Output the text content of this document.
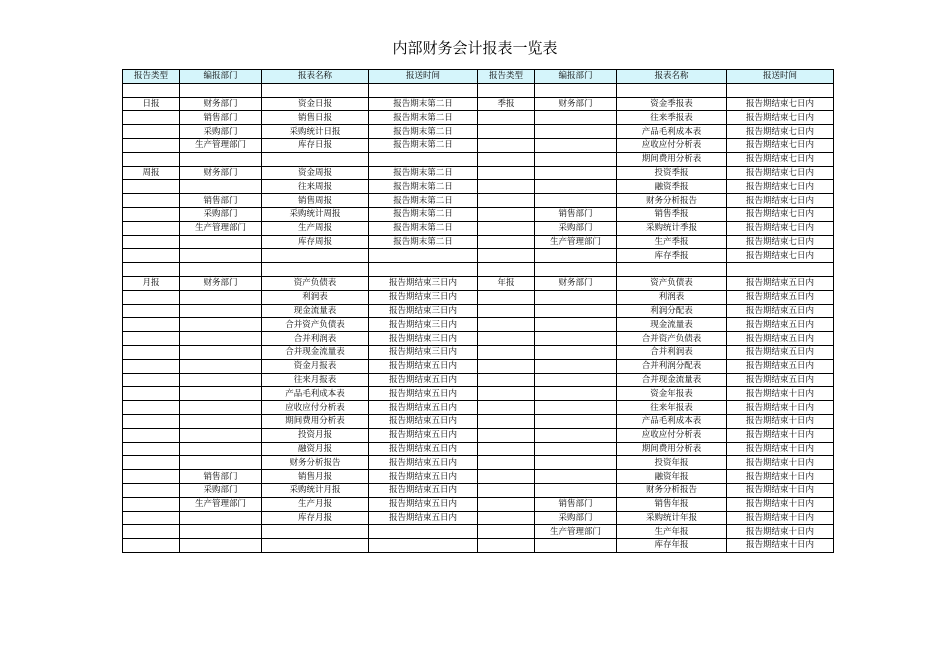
内部财务会计报表一览表
报告类型	编报部门	报表名称	报送时间	报告类型	编报部门	报表名称	报送时间

日报	财务部门	资金日报	报告期末第二日	季报	财务部门	资金季报表	报告期结束七日内
	销售部门	销售日报	报告期末第二日			往来季报表	报告期结束七日内
	采购部门	采购统计日报	报告期末第二日			产品毛利成本表	报告期结束七日内
	生产管理部门	库存日报	报告期末第二日			应收应付分析表	报告期结束七日内
						期间费用分析表	报告期结束七日内
周报	财务部门	资金周报	报告期末第二日			投资季报	报告期结束七日内
		往来周报	报告期末第二日			融资季报	报告期结束七日内
	销售部门	销售周报	报告期末第二日			财务分析报告	报告期结束七日内
	采购部门	采购统计周报	报告期末第二日		销售部门	销售季报	报告期结束七日内
	生产管理部门	生产周报	报告期末第二日		采购部门	采购统计季报	报告期结束七日内
		库存周报	报告期末第二日		生产管理部门	生产季报	报告期结束七日内
						库存季报	报告期结束七日内

月报	财务部门	资产负债表	报告期结束三日内	年报	财务部门	资产负债表	报告期结束五日内
		利润表	报告期结束三日内			利润表	报告期结束五日内
		现金流量表	报告期结束三日内			利润分配表	报告期结束五日内
		合并资产负债表	报告期结束三日内			现金流量表	报告期结束五日内
		合并利润表	报告期结束三日内			合并资产负债表	报告期结束五日内
		合并现金流量表	报告期结束三日内			合并利润表	报告期结束五日内
		资金月报表	报告期结束五日内			合并利润分配表	报告期结束五日内
		往来月报表	报告期结束五日内			合并现金流量表	报告期结束五日内
		产品毛利成本表	报告期结束五日内			资金年报表	报告期结束十日内
		应收应付分析表	报告期结束五日内			往来年报表	报告期结束十日内
		期间费用分析表	报告期结束五日内			产品毛利成本表	报告期结束十日内
		投资月报	报告期结束五日内			应收应付分析表	报告期结束十日内
		融资月报	报告期结束五日内			期间费用分析表	报告期结束十日内
		财务分析报告	报告期结束五日内			投资年报	报告期结束十日内
	销售部门	销售月报	报告期结束五日内			融资年报	报告期结束十日内
	采购部门	采购统计月报	报告期结束五日内			财务分析报告	报告期结束十日内
	生产管理部门	生产月报	报告期结束五日内		销售部门	销售年报	报告期结束十日内
		库存月报	报告期结束五日内		采购部门	采购统计年报	报告期结束十日内
					生产管理部门	生产年报	报告期结束十日内
						库存年报	报告期结束十日内
